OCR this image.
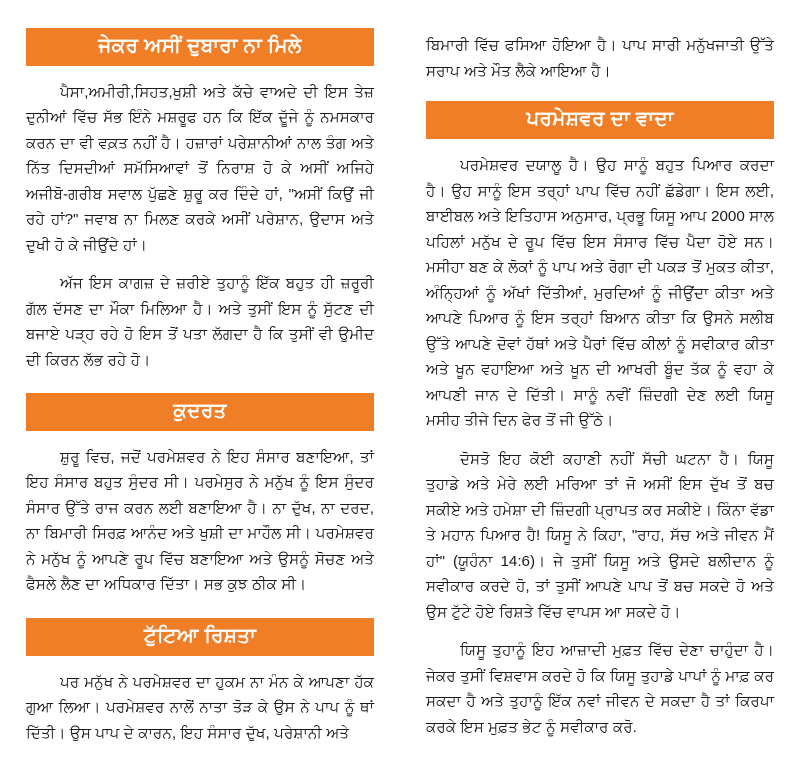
ਜੇਕਰ ਅਸੀਂ ਦੁਬਾਰਾ ਨਾ ਮਿਲੇ

ਪੈਸਾ,ਅਮੀਰੀ,ਸਿਹਤ,ਖੁਸ਼ੀ ਅਤੇ ਕੱਚੇ ਵਾਅਦੇ ਦੀ ਇਸ ਤੇਜ਼ ਦੁਨੀਆਂ ਵਿੱਚ ਸੱਭ ਇੰਨੇ ਮਸ਼ਰੂਫ ਹਨ ਕਿ ਇੱਕ ਦੂੱਜੇ ਨੂੰ ਨਮਸਕਾਰ ਕਰਨ ਦਾ ਵੀ ਵਕ਼ਤ ਨਹੀਂ ਹੈ। ਹਜ਼ਾਰਾਂ ਪਰੇਸ਼ਾਨੀਆਂ ਨਾਲ ਤੰਗ ਅਤੇ ਨਿੱਤ ਦਿਸਦੀਆਂ ਸਮੱਸਿਆਵਾਂ ਤੋਂ ਨਿਰਾਸ਼ ਹੋ ਕੇ ਅਸੀਂ ਅਜਿਹੇ ਅਜੀਬੋ-ਗਰੀਬ ਸਵਾਲ ਪੁੱਛਣੇ ਸ਼ੁਰੂ ਕਰ ਦਿੰਦੇ ਹਾਂ, "ਅਸੀਂ ਕਿਉਂ ਜੀ ਰਹੇ ਹਾਂ?" ਜਵਾਬ ਨਾ ਮਿਲਣ ਕਰਕੇ ਅਸੀਂ ਪਰੇਸ਼ਾਨ, ਉਦਾਸ ਅਤੇ ਦੁਖੀ ਹੋ ਕੇ ਜੀਉਂਦੇ ਹਾਂ।

ਅੱਜ ਇਸ ਕਾਗਜ਼ ਦੇ ਜ਼ਰੀਏ ਤੁਹਾਨੂੰ ਇੱਕ ਬਹੁਤ ਹੀ ਜ਼ਰੂਰੀ ਗੱਲ ਦੱਸਣ ਦਾ ਮੌਕਾ ਮਿਲਿਆ ਹੈ। ਅਤੇ ਤੁਸੀਂ ਇਸ ਨੂੰ ਸੁੱਟਣ ਦੀ ਬਜਾਏ ਪੜ੍ਹ ਰਹੇ ਹੋ ਇਸ ਤੋਂ ਪਤਾ ਲੱਗਦਾ ਹੈ ਕਿ ਤੁਸੀਂ ਵੀ ਉਮੀਦ ਦੀ ਕਿਰਨ ਲੱਭ ਰਹੇ ਹੋ।

ਕੁਦਰਤ

ਸ਼ੁਰੂ ਵਿਚ, ਜਦੋਂ ਪਰਮੇਸ਼ਵਰ ਨੇ ਇਹ ਸੰਸਾਰ ਬਣਾਇਆ, ਤਾਂ ਇਹ ਸੰਸਾਰ ਬਹੁਤ ਸੁੰਦਰ ਸੀ। ਪਰਮੇਸੁਰ ਨੇ ਮਨੁੱਖ ਨੂੰ ਇਸ ਸੁੰਦਰ ਸੰਸਾਰ ਉੱਤੇ ਰਾਜ ਕਰਨ ਲਈ ਬਣਾਇਆ ਹੈ। ਨਾ ਦੁੱਖ, ਨਾ ਦਰਦ, ਨਾ ਬਿਮਾਰੀ ਸਿਰਫ਼ ਆਨੰਦ ਅਤੇ ਖੁਸ਼ੀ ਦਾ ਮਾਹੌਲ ਸੀ। ਪਰਮੇਸ਼ਵਰ ਨੇ ਮਨੁੱਖ ਨੂੰ ਆਪਣੇ ਰੂਪ ਵਿੱਚ ਬਣਾਇਆ ਅਤੇ ਉਸਨੂੰ ਸੋਚਣ ਅਤੇ ਫੈਸਲੇ ਲੈਣ ਦਾ ਅਧਿਕਾਰ ਦਿੱਤਾ। ਸਭ ਕੁਝ ਠੀਕ ਸੀ।

ਟੁੱਟਿਆ ਰਿਸ਼ਤਾ

ਪਰ ਮਨੁੱਖ ਨੇ ਪਰਮੇਸ਼ਵਰ ਦਾ ਹੁਕਮ ਨਾ ਮੰਨ ਕੇ ਆਪਣਾ ਹੱਕ ਗੁਆ ਲਿਆ। ਪਰਮੇਸ਼ਵਰ ਨਾਲੋਂ ਨਾਤਾ ਤੋੜ ਕੇ ਉਸ ਨੇ ਪਾਪ ਨੂੰ ਥਾਂ ਦਿੱਤੀ। ਉਸ ਪਾਪ ਦੇ ਕਾਰਨ, ਇਹ ਸੰਸਾਰ ਦੁੱਖ, ਪਰੇਸ਼ਾਨੀ ਅਤੇ

ਬਿਮਾਰੀ ਵਿੱਚ ਫਸਿਆ ਹੋਇਆ ਹੈ। ਪਾਪ ਸਾਰੀ ਮਨੁੱਖਜਾਤੀ ਉੱਤੇ ਸਰਾਪ ਅਤੇ ਮੌਤ ਲੈਕੇ ਆਇਆ ਹੈ।

ਪਰਮੇਸ਼ਵਰ ਦਾ ਵਾਦਾ

ਪਰਮੇਸ਼ਵਰ ਦਯਾਲੂ ਹੈ। ਉਹ ਸਾਨੂੰ ਬਹੁਤ ਪਿਆਰ ਕਰਦਾ ਹੈ। ਉਹ ਸਾਨੂੰ ਇਸ ਤਰ੍ਹਾਂ ਪਾਪ ਵਿੱਚ ਨਹੀਂ ਛੱਡੇਗਾ। ਇਸ ਲਈ, ਬਾਈਬਲ ਅਤੇ ਇਤਿਹਾਸ ਅਨੁਸਾਰ, ਪ੍ਰਭੂ ਯਿਸੂ ਆਪ 2000 ਸਾਲ ਪਹਿਲਾਂ ਮਨੁੱਖ ਦੇ ਰੂਪ ਵਿੱਚ ਇਸ ਸੰਸਾਰ ਵਿੱਚ ਪੈਦਾ ਹੋਏ ਸਨ। ਮਸੀਹਾ ਬਣ ਕੇ ਲੋਕਾਂ ਨੂੰ ਪਾਪ ਅਤੇ ਰੋਗਾ ਦੀ ਪਕੜ ਤੋਂ ਮੁਕਤ ਕੀਤਾ, ਅੰਨ੍ਹਿਆਂ ਨੂੰ ਅੱਖਾਂ ਦਿੱਤੀਆਂ, ਮੁਰਦਿਆਂ ਨੂੰ ਜੀਉਂਦਾ ਕੀਤਾ ਅਤੇ ਆਪਣੇ ਪਿਆਰ ਨੂੰ ਇਸ ਤਰ੍ਹਾਂ ਬਿਆਨ ਕੀਤਾ ਕਿ ਉਸਨੇ ਸਲੀਬ ਉੱਤੇ ਆਪਣੇ ਦੋਵਾਂ ਹੱਥਾਂ ਅਤੇ ਪੈਰਾਂ ਵਿੱਚ ਕੀਲਾਂ ਨੂੰ ਸਵੀਕਾਰ ਕੀਤਾ ਅਤੇ ਖੂਨ ਵਹਾਇਆ ਅਤੇ ਖੂਨ ਦੀ ਆਖਰੀ ਬੂੰਦ ਤੱਕ ਨੂੰ ਵਹਾ ਕੇ ਆਪਣੀ ਜਾਨ ਦੇ ਦਿੱਤੀ। ਸਾਨੂੰ ਨਵੀਂ ਜ਼ਿੰਦਗੀ ਦੇਣ ਲਈ ਯਿਸੂ ਮਸੀਹ ਤੀਜੇ ਦਿਨ ਫੇਰ ਤੋਂ ਜੀ ਉੱਠੇ।

ਦੋਸਤੋ ਇਹ ਕੋਈ ਕਹਾਣੀ ਨਹੀਂ ਸੱਚੀ ਘਟਨਾ ਹੈ। ਯਿਸੂ ਤੁਹਾਡੇ ਅਤੇ ਮੇਰੇ ਲਈ ਮਰਿਆ ਤਾਂ ਜੋ ਅਸੀਂ ਇਸ ਦੁੱਖ ਤੋਂ ਬਚ ਸਕੀਏ ਅਤੇ ਹਮੇਸ਼ਾ ਦੀ ਜ਼ਿੰਦਗੀ ਪ੍ਰਾਪਤ ਕਰ ਸਕੀਏ। ਕਿੰਨਾ ਵੱਡਾ ਤੇ ਮਹਾਨ ਪਿਆਰ ਹੈ! ਯਿਸੂ ਨੇ ਕਿਹਾ, "ਰਾਹ, ਸੱਚ ਅਤੇ ਜੀਵਨ ਮੈਂ ਹਾਂ" (ਯੂਹੰਨਾ 14:6)। ਜੇ ਤੁਸੀਂ ਯਿਸੂ ਅਤੇ ਉਸਦੇ ਬਲੀਦਾਨ ਨੂੰ ਸਵੀਕਾਰ ਕਰਦੇ ਹੋ, ਤਾਂ ਤੁਸੀਂ ਆਪਣੇ ਪਾਪ ਤੋਂ ਬਚ ਸਕਦੇ ਹੋ ਅਤੇ ਉਸ ਟੁੱਟੇ ਹੋਏ ਰਿਸ਼ਤੇ ਵਿੱਚ ਵਾਪਸ ਆ ਸਕਦੇ ਹੋ।

ਯਿਸੂ ਤੁਹਾਨੂੰ ਇਹ ਆਜ਼ਾਦੀ ਮੁਫ਼ਤ ਵਿੱਚ ਦੇਣਾ ਚਾਹੁੰਦਾ ਹੈ। ਜੇਕਰ ਤੁਸੀਂ ਵਿਸ਼ਵਾਸ ਕਰਦੇ ਹੋ ਕਿ ਯਿਸੂ ਤੁਹਾਡੇ ਪਾਪਾਂ ਨੂੰ ਮਾਫ਼ ਕਰ ਸਕਦਾ ਹੈ ਅਤੇ ਤੁਹਾਨੂੰ ਇੱਕ ਨਵਾਂ ਜੀਵਨ ਦੇ ਸਕਦਾ ਹੈ ਤਾਂ ਕਿਰਪਾ ਕਰਕੇ ਇਸ ਮੁਫ਼ਤ ਭੇਟ ਨੂੰ ਸਵੀਕਾਰ ਕਰੋ.
